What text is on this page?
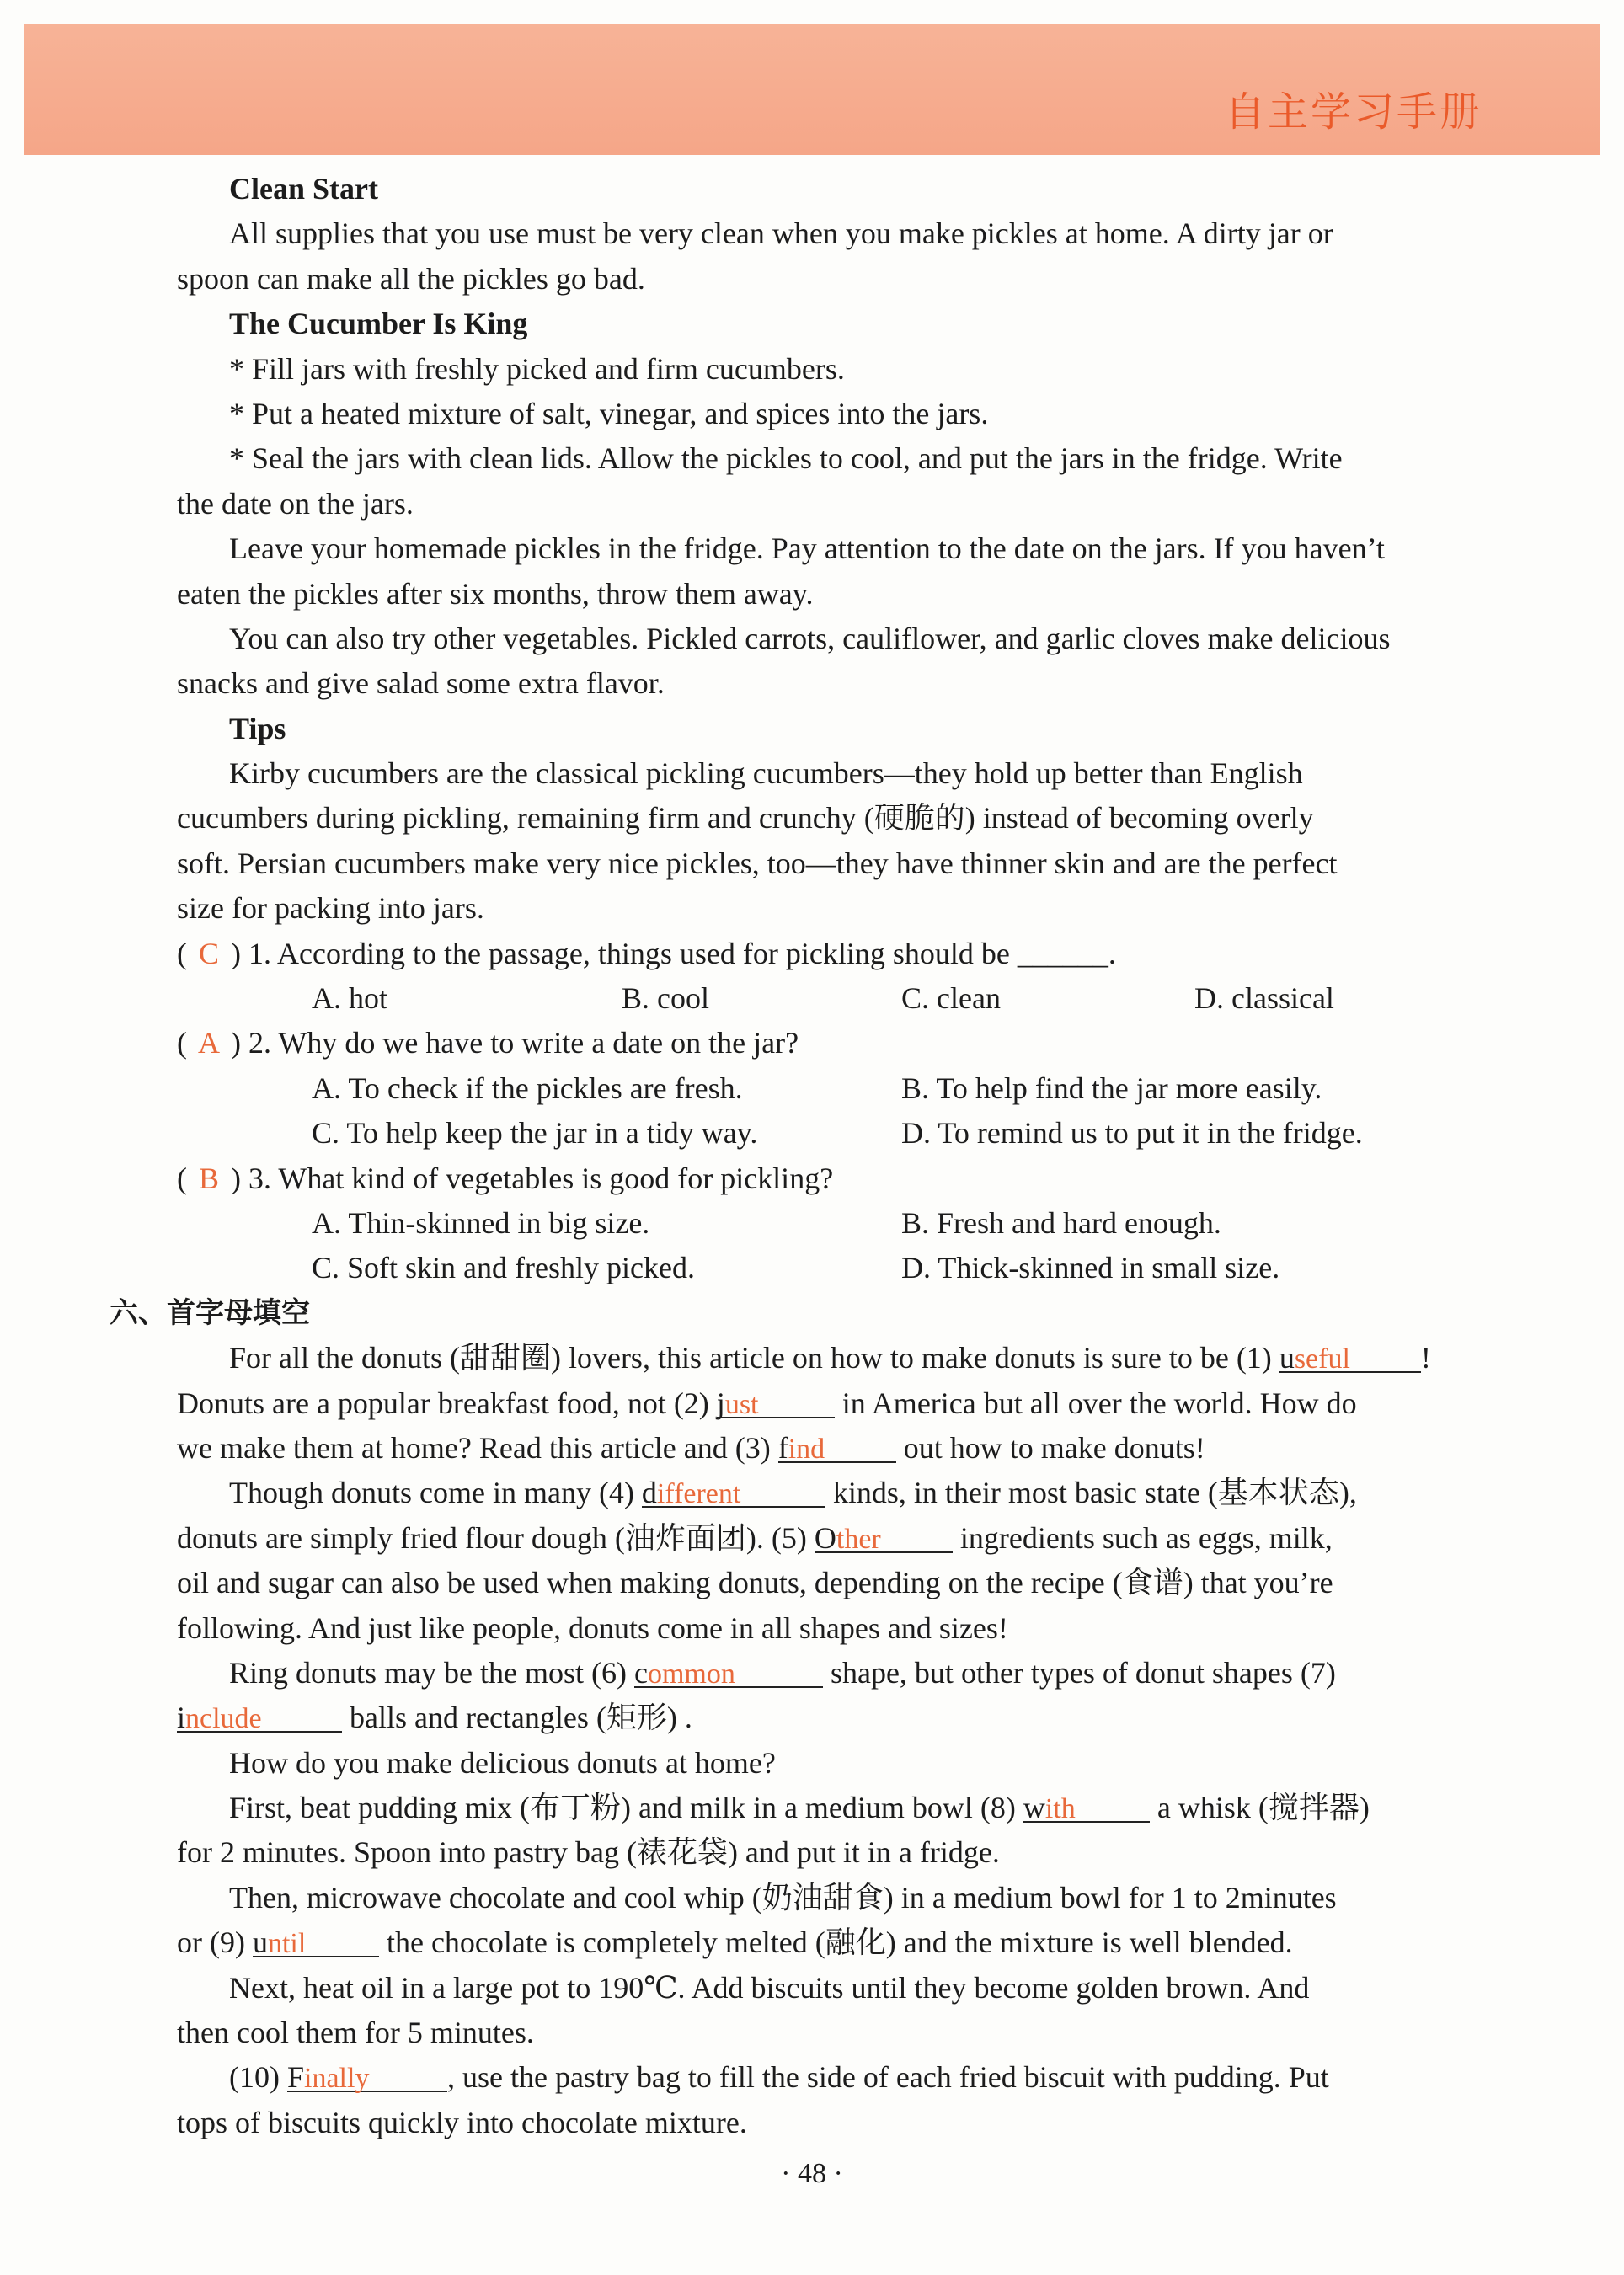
自主学习手册
Clean Start
All supplies that you use must be very clean when you make pickles at home. A dirty jar or
spoon can make all the pickles go bad.
The Cucumber Is King
* Fill jars with freshly picked and firm cucumbers.
* Put a heated mixture of salt, vinegar, and spices into the jars.
* Seal the jars with clean lids. Allow the pickles to cool, and put the jars in the fridge. Write
the date on the jars.
Leave your homemade pickles in the fridge. Pay attention to the date on the jars. If you haven’t
eaten the pickles after six months, throw them away.
You can also try other vegetables. Pickled carrots, cauliflower, and garlic cloves make delicious
snacks and give salad some extra flavor.
Tips
Kirby cucumbers are the classical pickling cucumbers—they hold up better than English
cucumbers during pickling, remaining firm and crunchy (硬脆的) instead of becoming overly
soft. Persian cucumbers make very nice pickles, too—they have thinner skin and are the perfect
size for packing into jars.
( C ) 1. According to the passage, things used for pickling should be ______.
A. hot	B. cool	C. clean	D. classical
( A ) 2. Why do we have to write a date on the jar?
A. To check if the pickles are fresh.	B. To help find the jar more easily.
C. To help keep the jar in a tidy way.	D. To remind us to put it in the fridge.
( B ) 3. What kind of vegetables is good for pickling?
A. Thin-skinned in big size.	B. Fresh and hard enough.
C. Soft skin and freshly picked.	D. Thick-skinned in small size.
六、首字母填空
For all the donuts (甜甜圈) lovers, this article on how to make donuts is sure to be (1) useful !
Donuts are a popular breakfast food, not (2) just	in America but all over the world. How do
we make them at home? Read this article and (3) find	out how to make donuts!
Though donuts come in many (4) different	kinds, in their most basic state (基本状态),
donuts are simply fried flour dough (油炸面团). (5) Other	ingredients such as eggs, milk,
oil and sugar can also be used when making donuts, depending on the recipe (食谱) that you’re
following. And just like people, donuts come in all shapes and sizes!
Ring donuts may be the most (6) common	shape, but other types of donut shapes (7)
include	balls and rectangles (矩形) .
How do you make delicious donuts at home?
First, beat pudding mix (布丁粉) and milk in a medium bowl (8) with	a whisk (搅拌器)
for 2 minutes. Spoon into pastry bag (裱花袋) and put it in a fridge.
Then, microwave chocolate and cool whip (奶油甜食) in a medium bowl for 1 to 2minutes
or (9) until	the chocolate is completely melted (融化) and the mixture is well blended.
Next, heat oil in a large pot to 190℃. Add biscuits until they become golden brown. And
then cool them for 5 minutes.
(10) Finally	, use the pastry bag to fill the side of each fried biscuit with pudding. Put
tops of biscuits quickly into chocolate mixture.
· 48 ·
